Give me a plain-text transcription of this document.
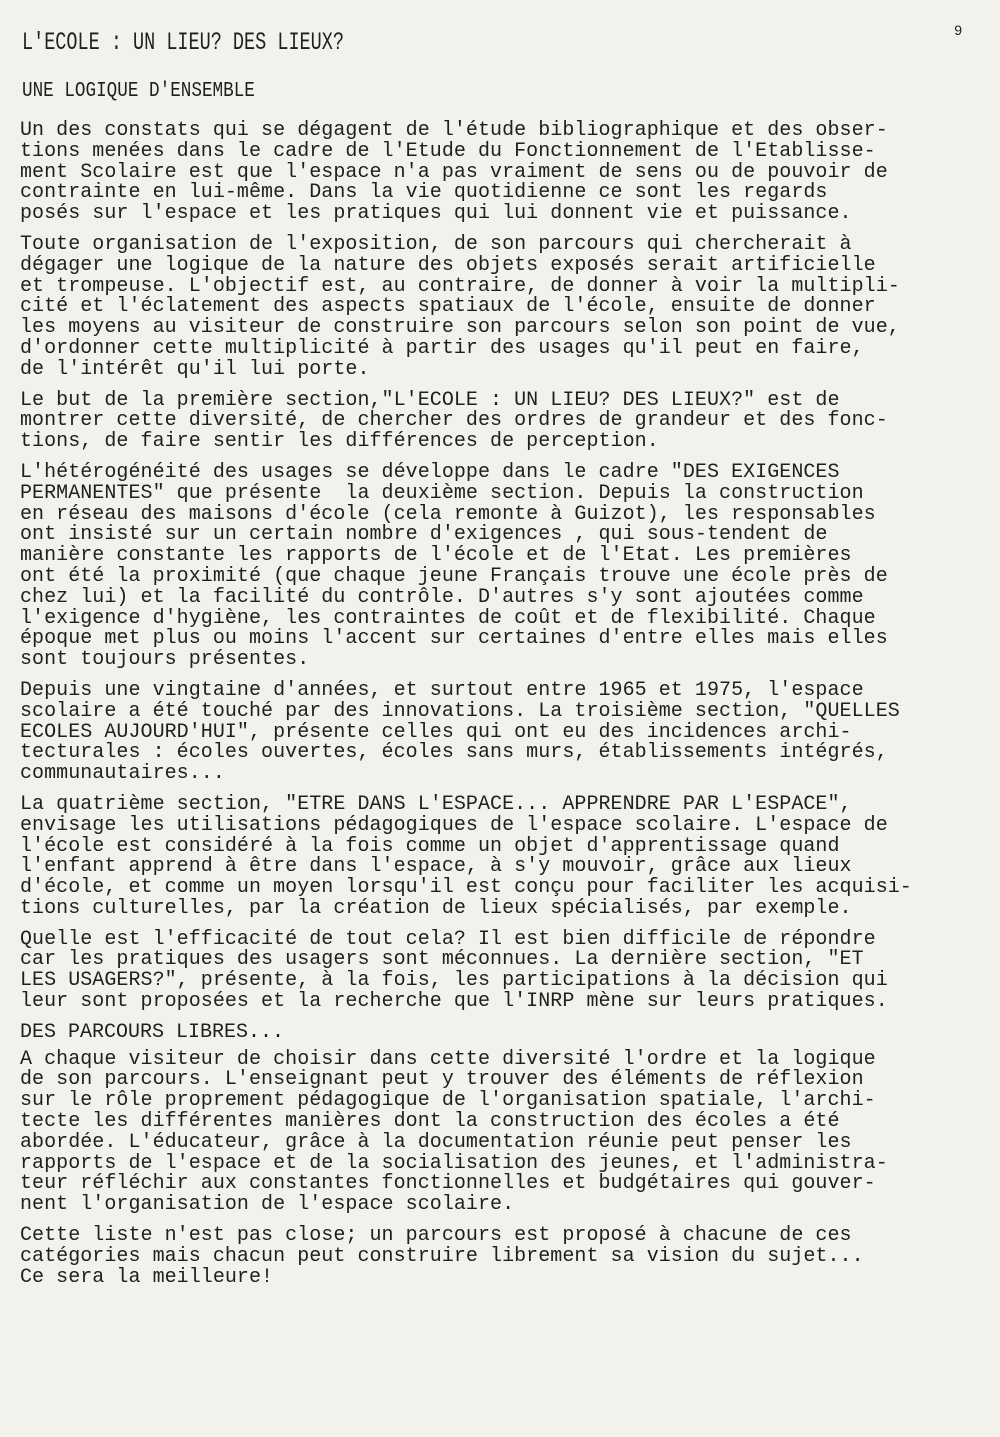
9
L'ECOLE : UN LIEU? DES LIEUX?
UNE LOGIQUE D'ENSEMBLE
Un des constats qui se dégagent de l'étude bibliographique et des obser-
tions menées dans le cadre de l'Etude du Fonctionnement de l'Etablisse-
ment Scolaire est que l'espace n'a pas vraiment de sens ou de pouvoir de
contrainte en lui-même. Dans la vie quotidienne ce sont les regards
posés sur l'espace et les pratiques qui lui donnent vie et puissance.
Toute organisation de l'exposition, de son parcours qui chercherait à
dégager une logique de la nature des objets exposés serait artificielle
et trompeuse. L'objectif est, au contraire, de donner à voir la multipli-
cité et l'éclatement des aspects spatiaux de l'école, ensuite de donner
les moyens au visiteur de construire son parcours selon son point de vue,
d'ordonner cette multiplicité à partir des usages qu'il peut en faire,
de l'intérêt qu'il lui porte.
Le but de la première section,"L'ECOLE : UN LIEU? DES LIEUX?" est de
montrer cette diversité, de chercher des ordres de grandeur et des fonc-
tions, de faire sentir les différences de perception.
L'hétérogénéité des usages se développe dans le cadre "DES EXIGENCES
PERMANENTES" que présente  la deuxième section. Depuis la construction
en réseau des maisons d'école (cela remonte à Guizot), les responsables
ont insisté sur un certain nombre d'exigences , qui sous-tendent de
manière constante les rapports de l'école et de l'Etat. Les premières
ont été la proximité (que chaque jeune Français trouve une école près de
chez lui) et la facilité du contrôle. D'autres s'y sont ajoutées comme
l'exigence d'hygiène, les contraintes de coût et de flexibilité. Chaque
époque met plus ou moins l'accent sur certaines d'entre elles mais elles
sont toujours présentes.
Depuis une vingtaine d'années, et surtout entre 1965 et 1975, l'espace
scolaire a été touché par des innovations. La troisième section, "QUELLES
ECOLES AUJOURD'HUI", présente celles qui ont eu des incidences archi-
tecturales : écoles ouvertes, écoles sans murs, établissements intégrés,
communautaires...
La quatrième section, "ETRE DANS L'ESPACE... APPRENDRE PAR L'ESPACE",
envisage les utilisations pédagogiques de l'espace scolaire. L'espace de
l'école est considéré à la fois comme un objet d'apprentissage quand
l'enfant apprend à être dans l'espace, à s'y mouvoir, grâce aux lieux
d'école, et comme un moyen lorsqu'il est conçu pour faciliter les acquisi-
tions culturelles, par la création de lieux spécialisés, par exemple.
Quelle est l'efficacité de tout cela? Il est bien difficile de répondre
car les pratiques des usagers sont méconnues. La dernière section, "ET
LES USAGERS?", présente, à la fois, les participations à la décision qui
leur sont proposées et la recherche que l'INRP mène sur leurs pratiques.
DES PARCOURS LIBRES...
A chaque visiteur de choisir dans cette diversité l'ordre et la logique
de son parcours. L'enseignant peut y trouver des éléments de réflexion
sur le rôle proprement pédagogique de l'organisation spatiale, l'archi-
tecte les différentes manières dont la construction des écoles a été
abordée. L'éducateur, grâce à la documentation réunie peut penser les
rapports de l'espace et de la socialisation des jeunes, et l'administra-
teur réfléchir aux constantes fonctionnelles et budgétaires qui gouver-
nent l'organisation de l'espace scolaire.
Cette liste n'est pas close; un parcours est proposé à chacune de ces
catégories mais chacun peut construire librement sa vision du sujet...
Ce sera la meilleure!
